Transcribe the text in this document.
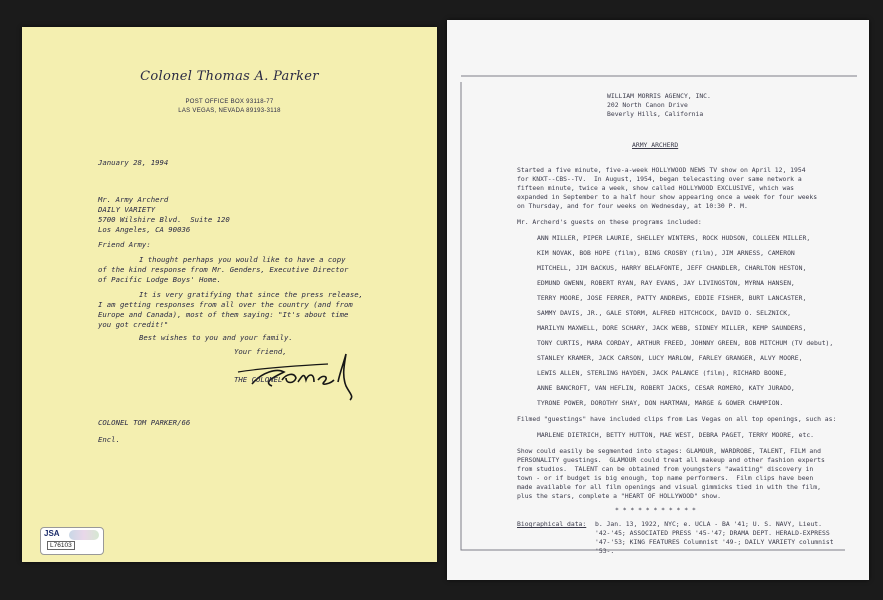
Colonel Thomas A. Parker
POST OFFICE BOX 93118-77
LAS VEGAS, NEVADA 89193-3118
January 28, 1994
Mr. Army Archerd
DAILY VARIETY
5700 Wilshire Blvd.  Suite 120
Los Angeles, CA 90036
Friend Army:
I thought perhaps you would like to have a copy
of the kind response from Mr. Genders, Executive Director
of Pacific Lodge Boys' Home.
It is very gratifying that since the press release,
I am getting responses from all over the country (and from
Europe and Canada), most of them saying: "It's about time
you got credit!"
Best wishes to you and your family.
Your friend,
THE COLONEL
COLONEL TOM PARKER/66
Encl.
JSA
L76103
WILLIAM MORRIS AGENCY, INC.
202 North Canon Drive
Beverly Hills, California
ARMY ARCHERD
Started a five minute, five-a-week HOLLYWOOD NEWS TV show on April 12, 1954
for KNXT--CBS--TV.  In August, 1954, began telecasting over same network a
fifteen minute, twice a week, show called HOLLYWOOD EXCLUSIVE, which was
expanded in September to a half hour show appearing once a week for four weeks
on Thursday, and for four weeks on Wednesday, at 10:30 P. M.
Mr. Archerd's guests on these programs included:
ANN MILLER, PIPER LAURIE, SHELLEY WINTERS, ROCK HUDSON, COLLEEN MILLER,
KIM NOVAK, BOB HOPE (film), BING CROSBY (film), JIM ARNESS, CAMERON
MITCHELL, JIM BACKUS, HARRY BELAFONTE, JEFF CHANDLER, CHARLTON HESTON,
EDMUND GWENN, ROBERT RYAN, RAY EVANS, JAY LIVINGSTON, MYRNA HANSEN,
TERRY MOORE, JOSE FERRER, PATTY ANDREWS, EDDIE FISHER, BURT LANCASTER,
SAMMY DAVIS, JR., GALE STORM, ALFRED HITCHCOCK, DAVID O. SELZNICK,
MARILYN MAXWELL, DORE SCHARY, JACK WEBB, SIDNEY MILLER, KEMP SAUNDERS,
TONY CURTIS, MARA CORDAY, ARTHUR FREED, JOHNNY GREEN, BOB MITCHUM (TV debut),
STANLEY KRAMER, JACK CARSON, LUCY MARLOW, FARLEY GRANGER, ALVY MOORE,
LEWIS ALLEN, STERLING HAYDEN, JACK PALANCE (film), RICHARD BOONE,
ANNE BANCROFT, VAN HEFLIN, ROBERT JACKS, CESAR ROMERO, KATY JURADO,
TYRONE POWER, DOROTHY SHAY, DON HARTMAN, MARGE & GOWER CHAMPION.
Filmed "guestings" have included clips from Las Vegas on all top openings, such as:
MARLENE DIETRICH, BETTY HUTTON, MAE WEST, DEBRA PAGET, TERRY MOORE, etc.
Show could easily be segmented into stages: GLAMOUR, WARDROBE, TALENT, FILM and
PERSONALITY guestings.  GLAMOUR could treat all makeup and other fashion experts
from studios.  TALENT can be obtained from youngsters "awaiting" discovery in
town - or if budget is big enough, top name performers.  Film clips have been
made available for all film openings and visual gimmicks tied in with the film,
plus the stars, complete a "HEART OF HOLLYWOOD" show.
* * * * * * * * * * *
Biographical data: b. Jan. 13, 1922, NYC; e. UCLA - BA '41; U. S. NAVY, Lieut.
'42-'45; ASSOCIATED PRESS '45-'47; DRAMA DEPT. HERALD-EXPRESS
'47-'53; KING FEATURES Columnist '49-; DAILY VARIETY columnist
'53-.
